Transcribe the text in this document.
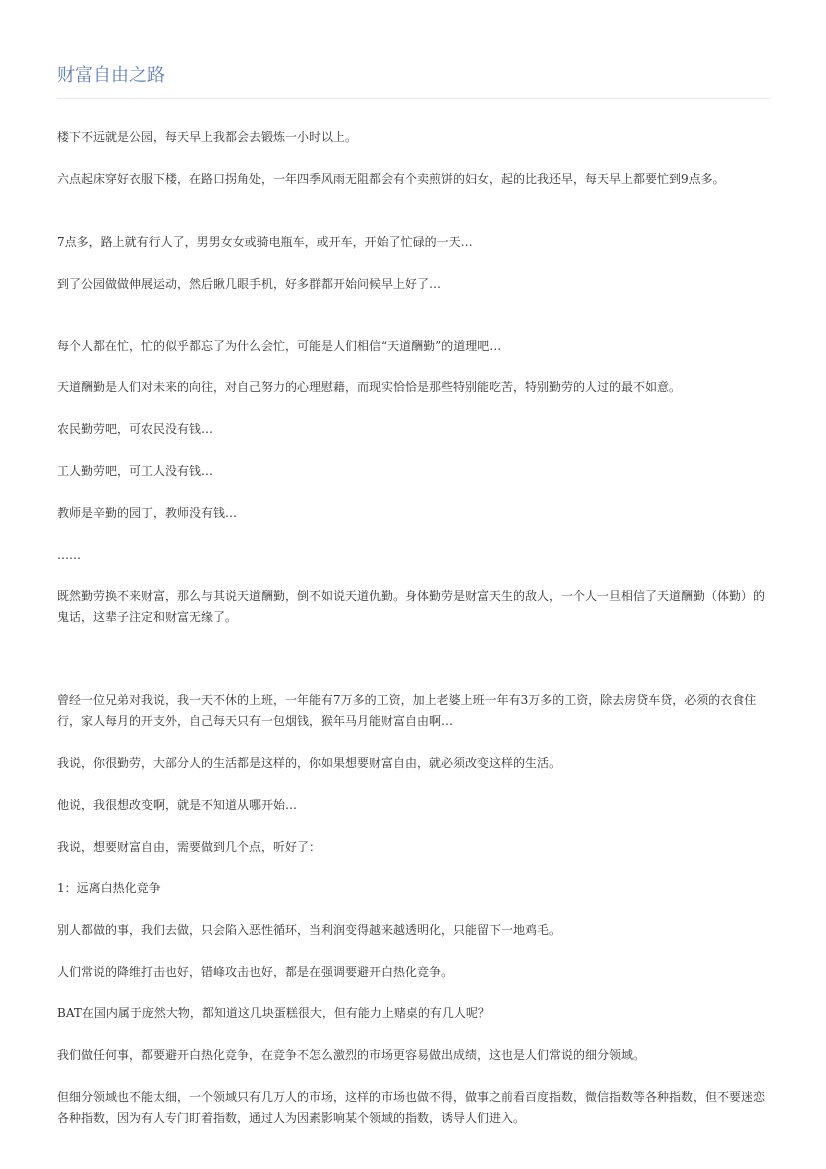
财富自由之路

楼下不远就是公园，每天早上我都会去锻炼一小时以上。

六点起床穿好衣服下楼，在路口拐角处，一年四季风雨无阻都会有个卖煎饼的妇女，起的比我还早，每天早上都要忙到9点多。

7点多，路上就有行人了，男男女女或骑电瓶车，或开车，开始了忙碌的一天…

到了公园做做伸展运动，然后瞅几眼手机，好多群都开始问候早上好了…

每个人都在忙，忙的似乎都忘了为什么会忙，可能是人们相信“天道酬勤”的道理吧…

天道酬勤是人们对未来的向往，对自己努力的心理慰藉，而现实恰恰是那些特别能吃苦，特别勤劳的人过的最不如意。

农民勤劳吧，可农民没有钱…

工人勤劳吧，可工人没有钱…

教师是辛勤的园丁，教师没有钱…

……

既然勤劳换不来财富，那么与其说天道酬勤，倒不如说天道仇勤。身体勤劳是财富天生的敌人，一个人一旦相信了天道酬勤（体勤）的鬼话，这辈子注定和财富无缘了。

曾经一位兄弟对我说，我一天不休的上班，一年能有7万多的工资，加上老婆上班一年有3万多的工资，除去房贷车贷，必须的衣食住行，家人每月的开支外，自己每天只有一包烟钱，猴年马月能财富自由啊…

我说，你很勤劳，大部分人的生活都是这样的，你如果想要财富自由，就必须改变这样的生活。

他说，我很想改变啊，就是不知道从哪开始…

我说，想要财富自由，需要做到几个点，听好了：

1：远离白热化竞争

别人都做的事，我们去做，只会陷入恶性循环，当利润变得越来越透明化，只能留下一地鸡毛。

人们常说的降维打击也好，错峰攻击也好，都是在强调要避开白热化竞争。

BAT在国内属于庞然大物，都知道这几块蛋糕很大，但有能力上赌桌的有几人呢？

我们做任何事，都要避开白热化竞争，在竞争不怎么激烈的市场更容易做出成绩，这也是人们常说的细分领域。

但细分领域也不能太细，一个领域只有几万人的市场，这样的市场也做不得，做事之前看百度指数，微信指数等各种指数，但不要迷恋各种指数，因为有人专门盯着指数，通过人为因素影响某个领域的指数，诱导人们进入。
